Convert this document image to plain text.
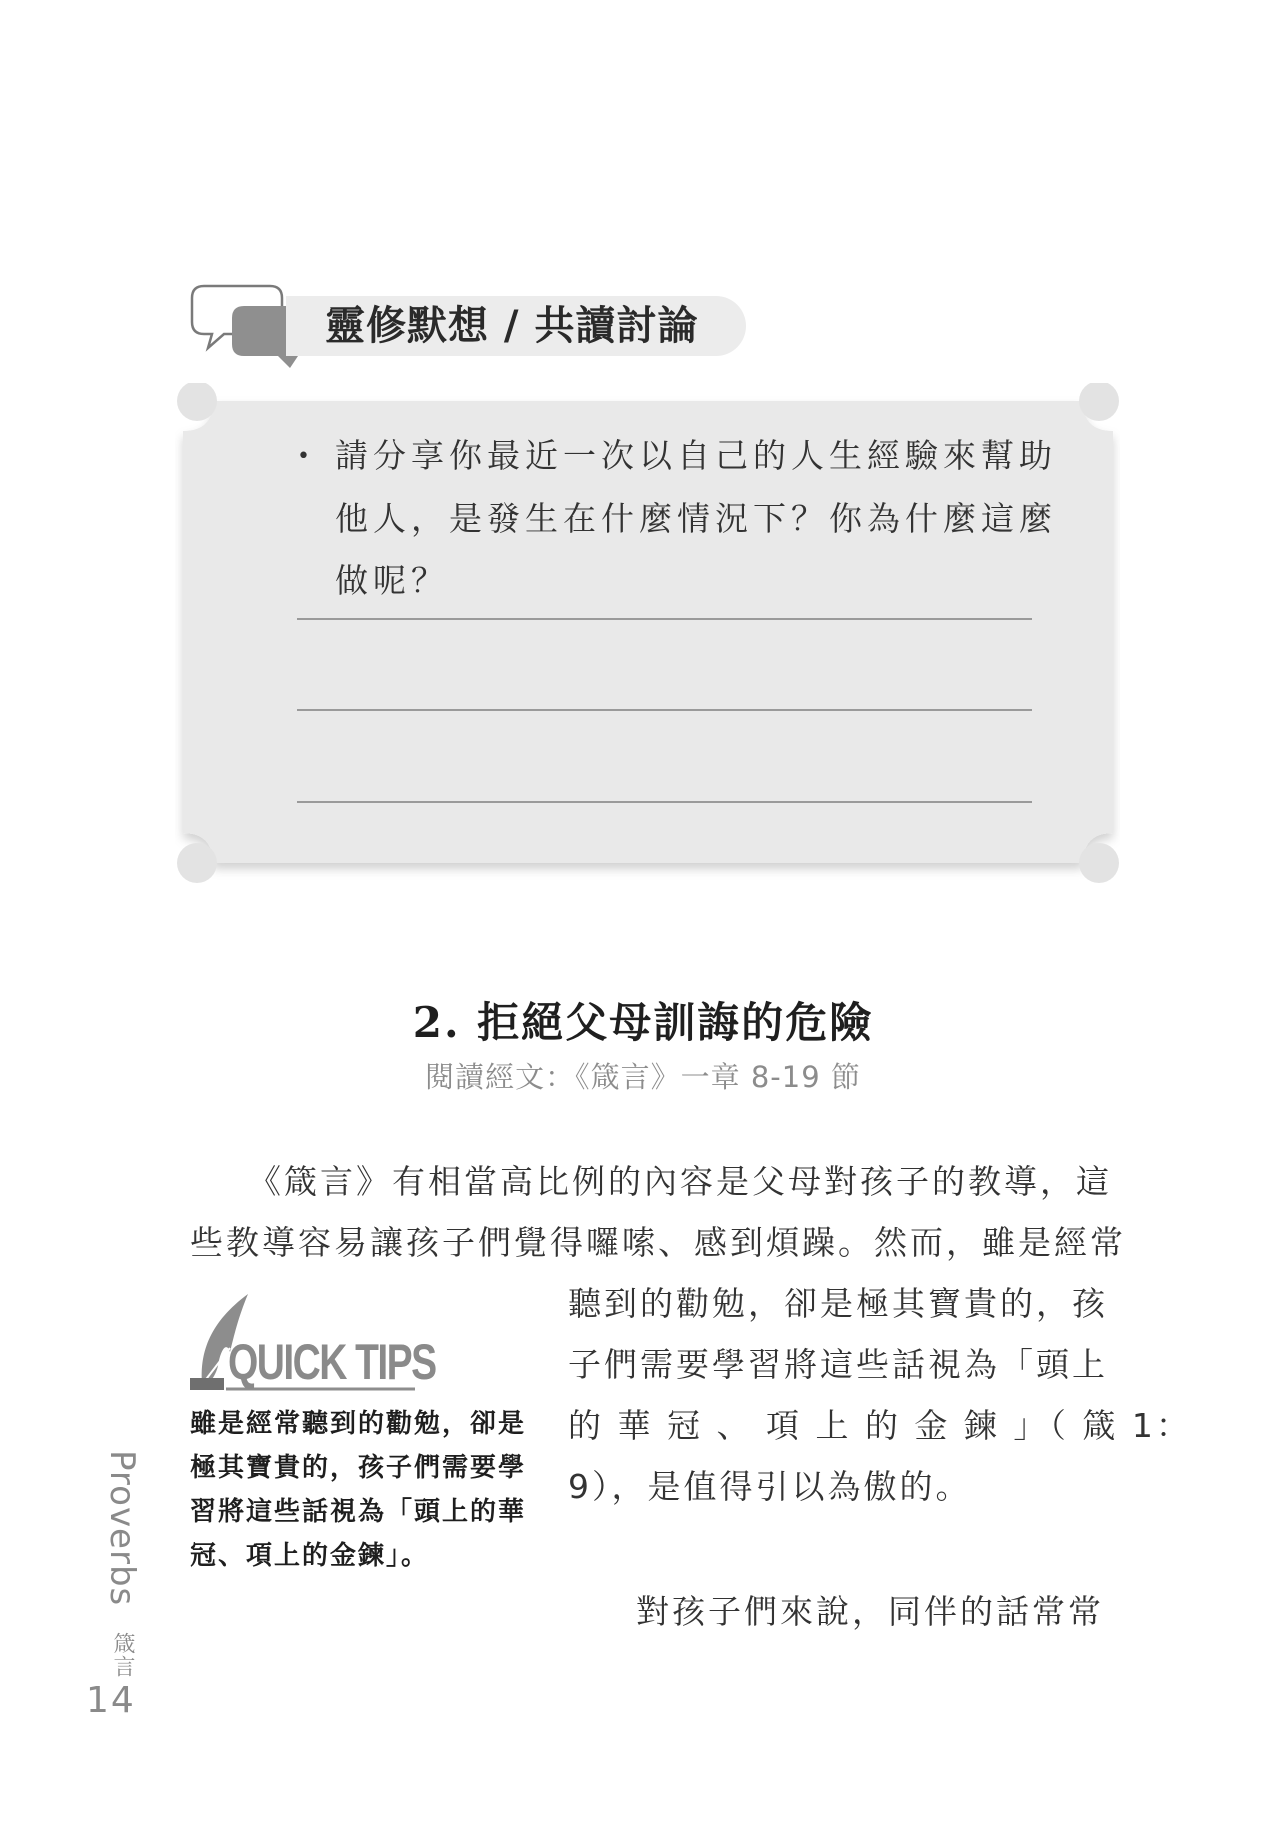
靈修默想 / 共讀討論
• 請分享你最近一次以自己的人生經驗來幫助他人，是發生在什麼情況下？你為什麼這麼做呢？
2. 拒絕父母訓誨的危險
閱讀經文：《箴言》一章 8-19 節
《箴言》有相當高比例的內容是父母對孩子的教導，這
些教導容易讓孩子們覺得囉嗦、感到煩躁。然而，雖是經常
聽到的勸勉，卻是極其寶貴的，孩
子們需要學習將這些話視為「頭上
的 華 冠 、 項 上 的 金 鍊 」（ 箴 1：
9），是值得引以為傲的。
對孩子們來說，同伴的話常常
QUICK TIPS
雖是經常聽到的勸勉，卻是極其寶貴的，孩子們需要學習將這些話視為「頭上的華冠、項上的金鍊」。
Proverbs 箴言
14
